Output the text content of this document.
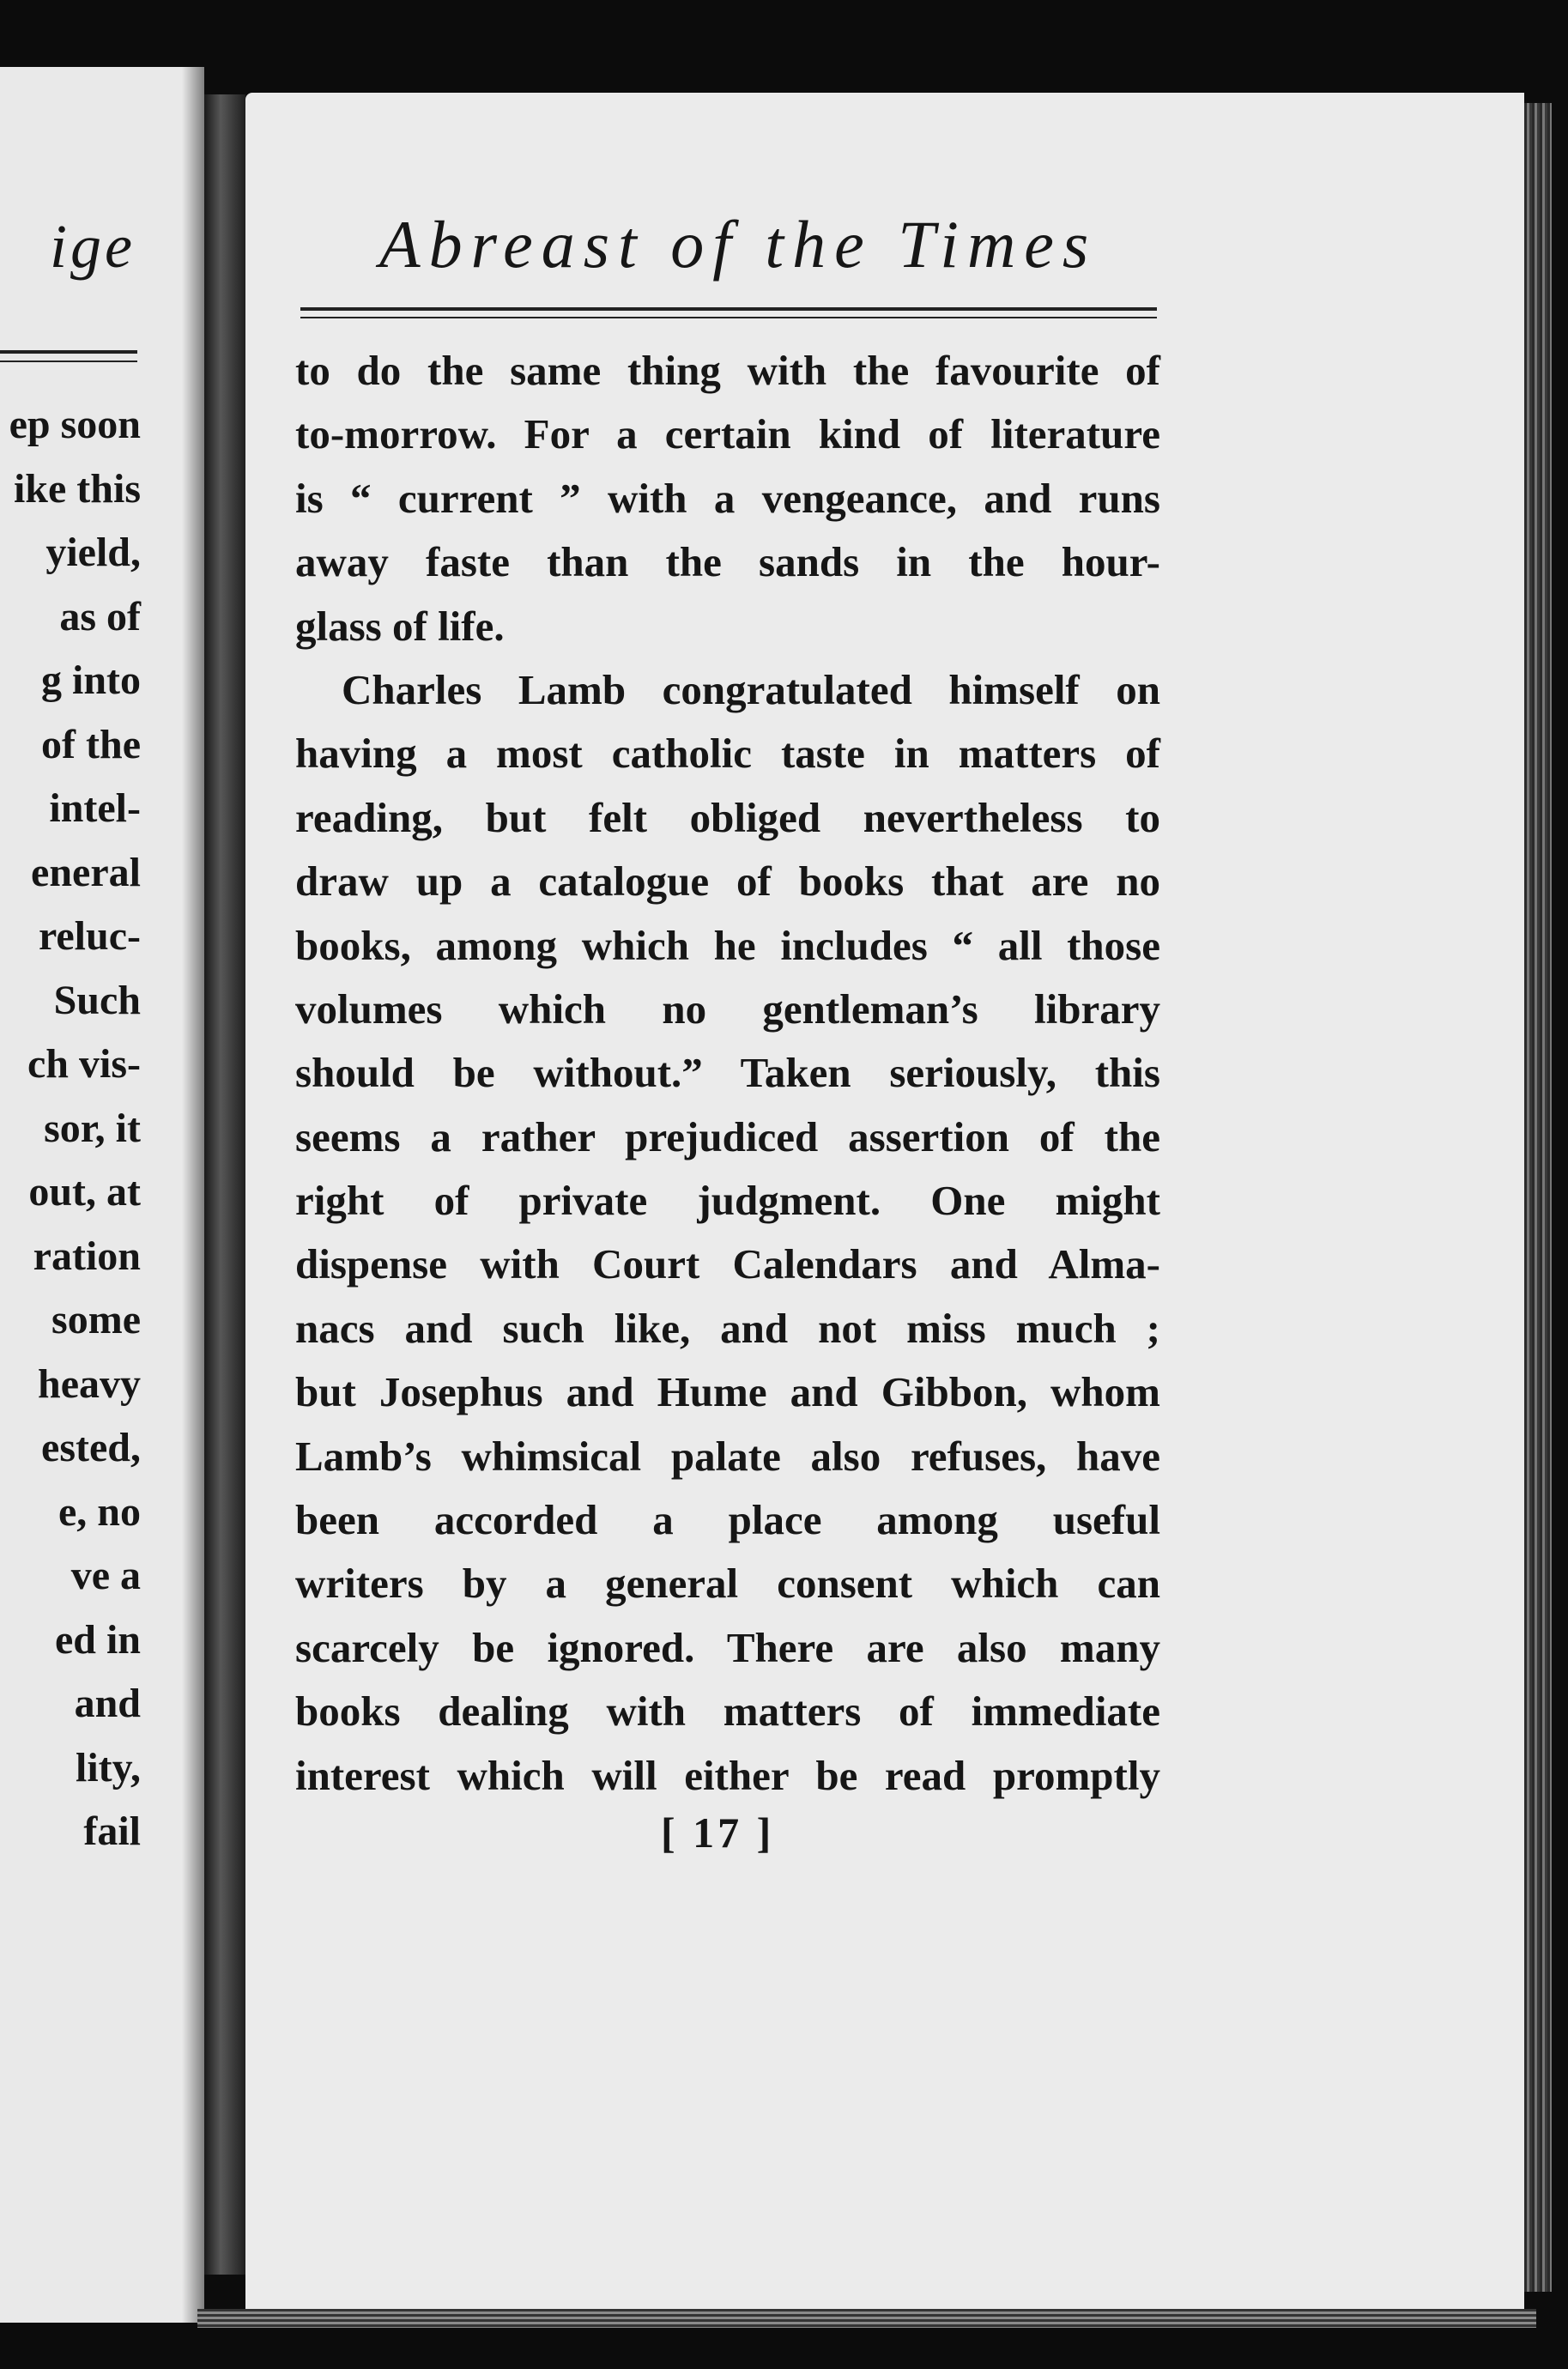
ige
ep soon
ike this
yield,
as of
g into
of the
intel-
eneral
reluc-
Such
ch vis-
sor, it
out, at
ration
some
heavy
ested,
e, no
ve a
ed in
and
lity,
fail
Abreast of the Times
to do the same thing with the favourite of
to-morrow. For a certain kind of literature
is “ current ” with a vengeance, and runs
away faste than the sands in the hour-
glass of life.
Charles Lamb congratulated himself on
having a most catholic taste in matters of
reading, but felt obliged nevertheless to
draw up a catalogue of books that are no
books, among which he includes “ all those
volumes which no gentleman’s library
should be without.” Taken seriously, this
seems a rather prejudiced assertion of the
right of private judgment. One might
dispense with Court Calendars and Alma-
nacs and such like, and not miss much ;
but Josephus and Hume and Gibbon, whom
Lamb’s whimsical palate also refuses, have
been accorded a place among useful
writers by a general consent which can
scarcely be ignored. There are also many
books dealing with matters of immediate
interest which will either be read promptly
[ 17 ]
